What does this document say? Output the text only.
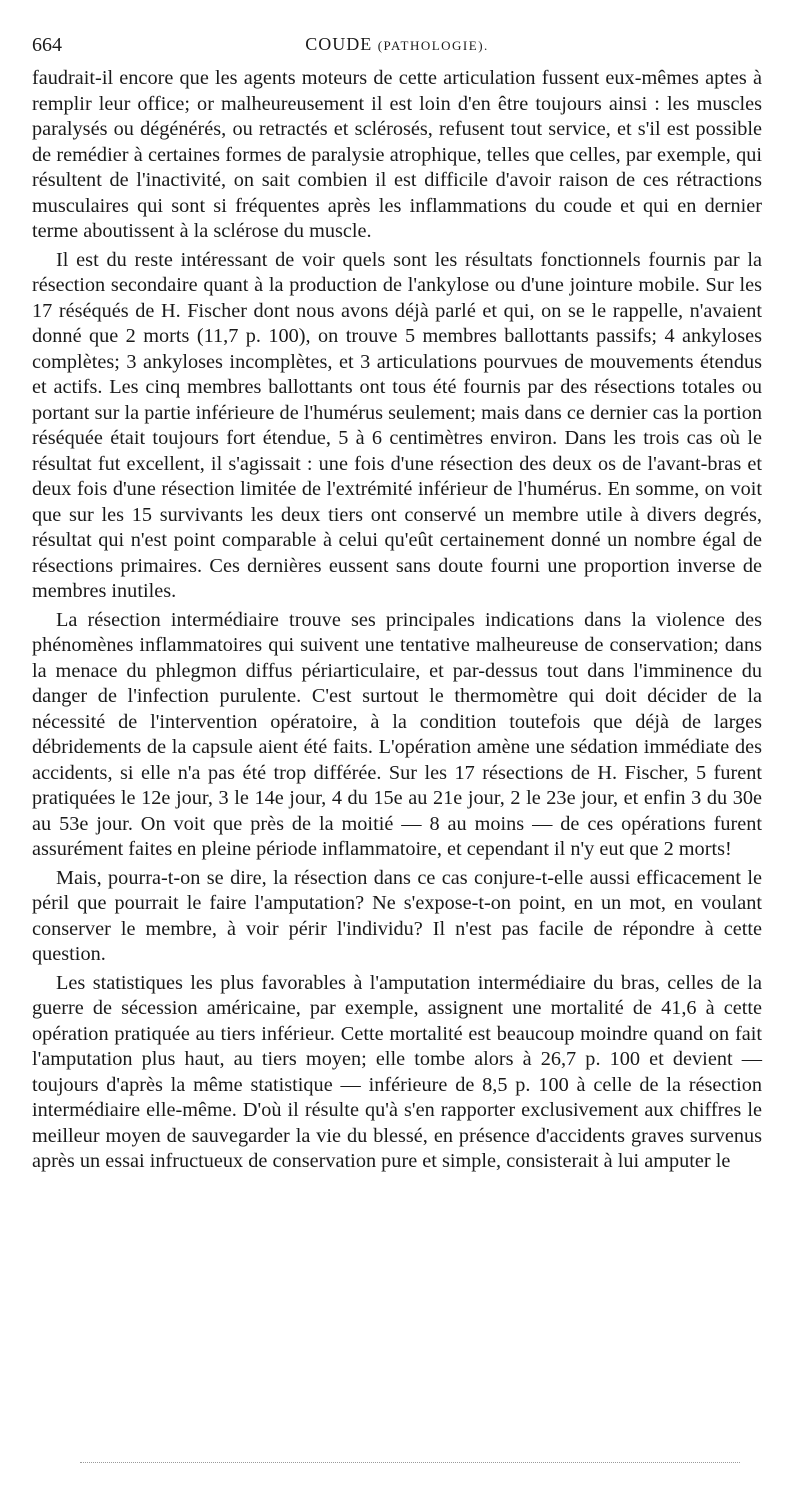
664	COUDE (PATHOLOGIE).

faudrait-il encore que les agents moteurs de cette articulation fussent eux-mêmes aptes à remplir leur office; or malheureusement il est loin d'en être toujours ainsi : les muscles paralysés ou dégénérés, ou retractés et sclérosés, refusent tout service, et s'il est possible de remédier à certaines formes de paralysie atrophique, telles que celles, par exemple, qui résultent de l'inactivité, on sait combien il est difficile d'avoir raison de ces rétractions musculaires qui sont si fréquentes après les inflammations du coude et qui en dernier terme aboutissent à la sclérose du muscle.

Il est du reste intéressant de voir quels sont les résultats fonctionnels fournis par la résection secondaire quant à la production de l'ankylose ou d'une jointure mobile. Sur les 17 réséqués de H. Fischer dont nous avons déjà parlé et qui, on se le rappelle, n'avaient donné que 2 morts (11,7 p. 100), on trouve 5 membres ballottants passifs; 4 ankyloses complètes; 3 ankyloses incomplètes, et 3 articulations pourvues de mouvements étendus et actifs. Les cinq membres ballottants ont tous été fournis par des résections totales ou portant sur la partie inférieure de l'humérus seulement; mais dans ce dernier cas la portion réséquée était toujours fort étendue, 5 à 6 centimètres environ. Dans les trois cas où le résultat fut excellent, il s'agissait : une fois d'une résection des deux os de l'avant-bras et deux fois d'une résection limitée de l'extrémité inférieur de l'humérus. En somme, on voit que sur les 15 survivants les deux tiers ont conservé un membre utile à divers degrés, résultat qui n'est point comparable à celui qu'eût certainement donné un nombre égal de résections primaires. Ces dernières eussent sans doute fourni une proportion inverse de membres inutiles.

La résection intermédiaire trouve ses principales indications dans la violence des phénomènes inflammatoires qui suivent une tentative malheureuse de conservation; dans la menace du phlegmon diffus périarticulaire, et par-dessus tout dans l'imminence du danger de l'infection purulente. C'est surtout le thermomètre qui doit décider de la nécessité de l'intervention opératoire, à la condition toutefois que déjà de larges débridements de la capsule aient été faits. L'opération amène une sédation immédiate des accidents, si elle n'a pas été trop différée. Sur les 17 résections de H. Fischer, 5 furent pratiquées le 12e jour, 3 le 14e jour, 4 du 15e au 21e jour, 2 le 23e jour, et enfin 3 du 30e au 53e jour. On voit que près de la moitié — 8 au moins — de ces opérations furent assurément faites en pleine période inflammatoire, et cependant il n'y eut que 2 morts!

Mais, pourra-t-on se dire, la résection dans ce cas conjure-t-elle aussi efficacement le péril que pourrait le faire l'amputation? Ne s'expose-t-on point, en un mot, en voulant conserver le membre, à voir périr l'individu? Il n'est pas facile de répondre à cette question.

Les statistiques les plus favorables à l'amputation intermédiaire du bras, celles de la guerre de sécession américaine, par exemple, assignent une mortalité de 41,6 à cette opération pratiquée au tiers inférieur. Cette mortalité est beaucoup moindre quand on fait l'amputation plus haut, au tiers moyen; elle tombe alors à 26,7 p. 100 et devient — toujours d'après la même statistique — inférieure de 8,5 p. 100 à celle de la résection intermédiaire elle-même. D'où il résulte qu'à s'en rapporter exclusivement aux chiffres le meilleur moyen de sauvegarder la vie du blessé, en présence d'accidents graves survenus après un essai infructueux de conservation pure et simple, consisterait à lui amputer le
